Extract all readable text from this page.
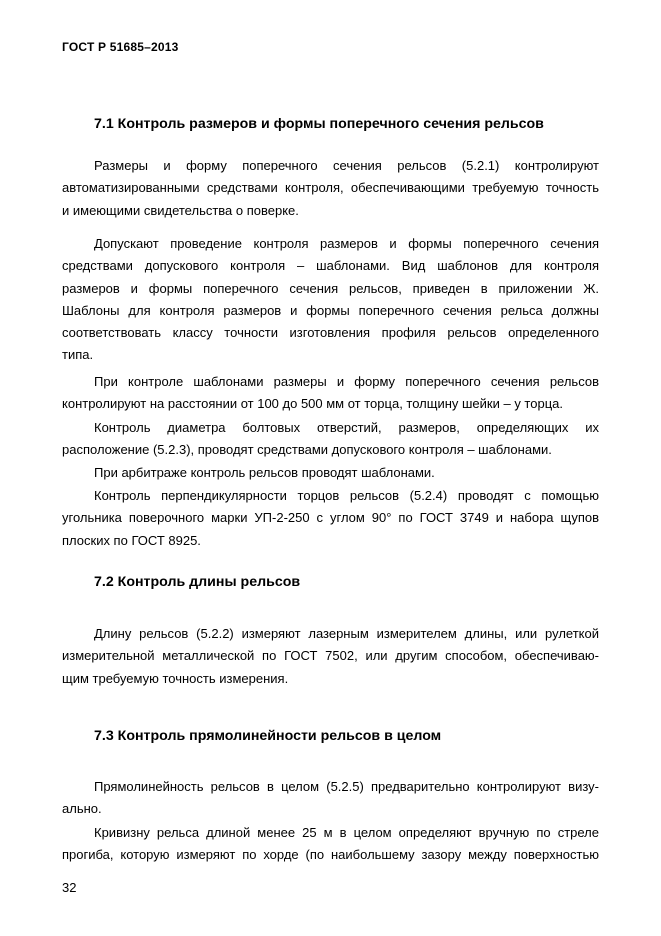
ГОСТ Р 51685–2013
7.1 Контроль размеров и формы поперечного сечения рельсов
Размеры и форму поперечного сечения рельсов (5.2.1) контролируют
автоматизированными средствами контроля, обеспечивающими требуемую точность
и имеющими свидетельства о поверке.
Допускают проведение контроля размеров и формы поперечного сечения
средствами допускового контроля – шаблонами. Вид шаблонов для контроля
размеров и формы поперечного сечения рельсов, приведен в приложении Ж.
Шаблоны для контроля размеров и формы поперечного сечения рельса должны
соответствовать классу точности изготовления профиля рельсов определенного
типа.
При контроле шаблонами размеры и форму поперечного сечения рельсов
контролируют на расстоянии от 100 до 500 мм от торца, толщину шейки – у торца.
Контроль диаметра болтовых отверстий, размеров, определяющих их
расположение (5.2.3), проводят средствами допускового контроля – шаблонами.
При арбитраже контроль рельсов проводят шаблонами.
Контроль перпендикулярности торцов рельсов (5.2.4) проводят с помощью
угольника поверочного марки УП-2-250 с углом 90° по ГОСТ 3749 и набора щупов
плоских по ГОСТ 8925.
7.2 Контроль длины рельсов
Длину рельсов (5.2.2) измеряют лазерным измерителем длины, или рулеткой
измерительной металлической по ГОСТ 7502, или другим способом, обеспечиваю-
щим требуемую точность измерения.
7.3 Контроль прямолинейности рельсов в целом
Прямолинейность рельсов в целом (5.2.5) предварительно контролируют визу-
ально.
Кривизну рельса длиной менее 25 м в целом определяют вручную по стреле
прогиба, которую измеряют по хорде (по наибольшему зазору между поверхностью
32
